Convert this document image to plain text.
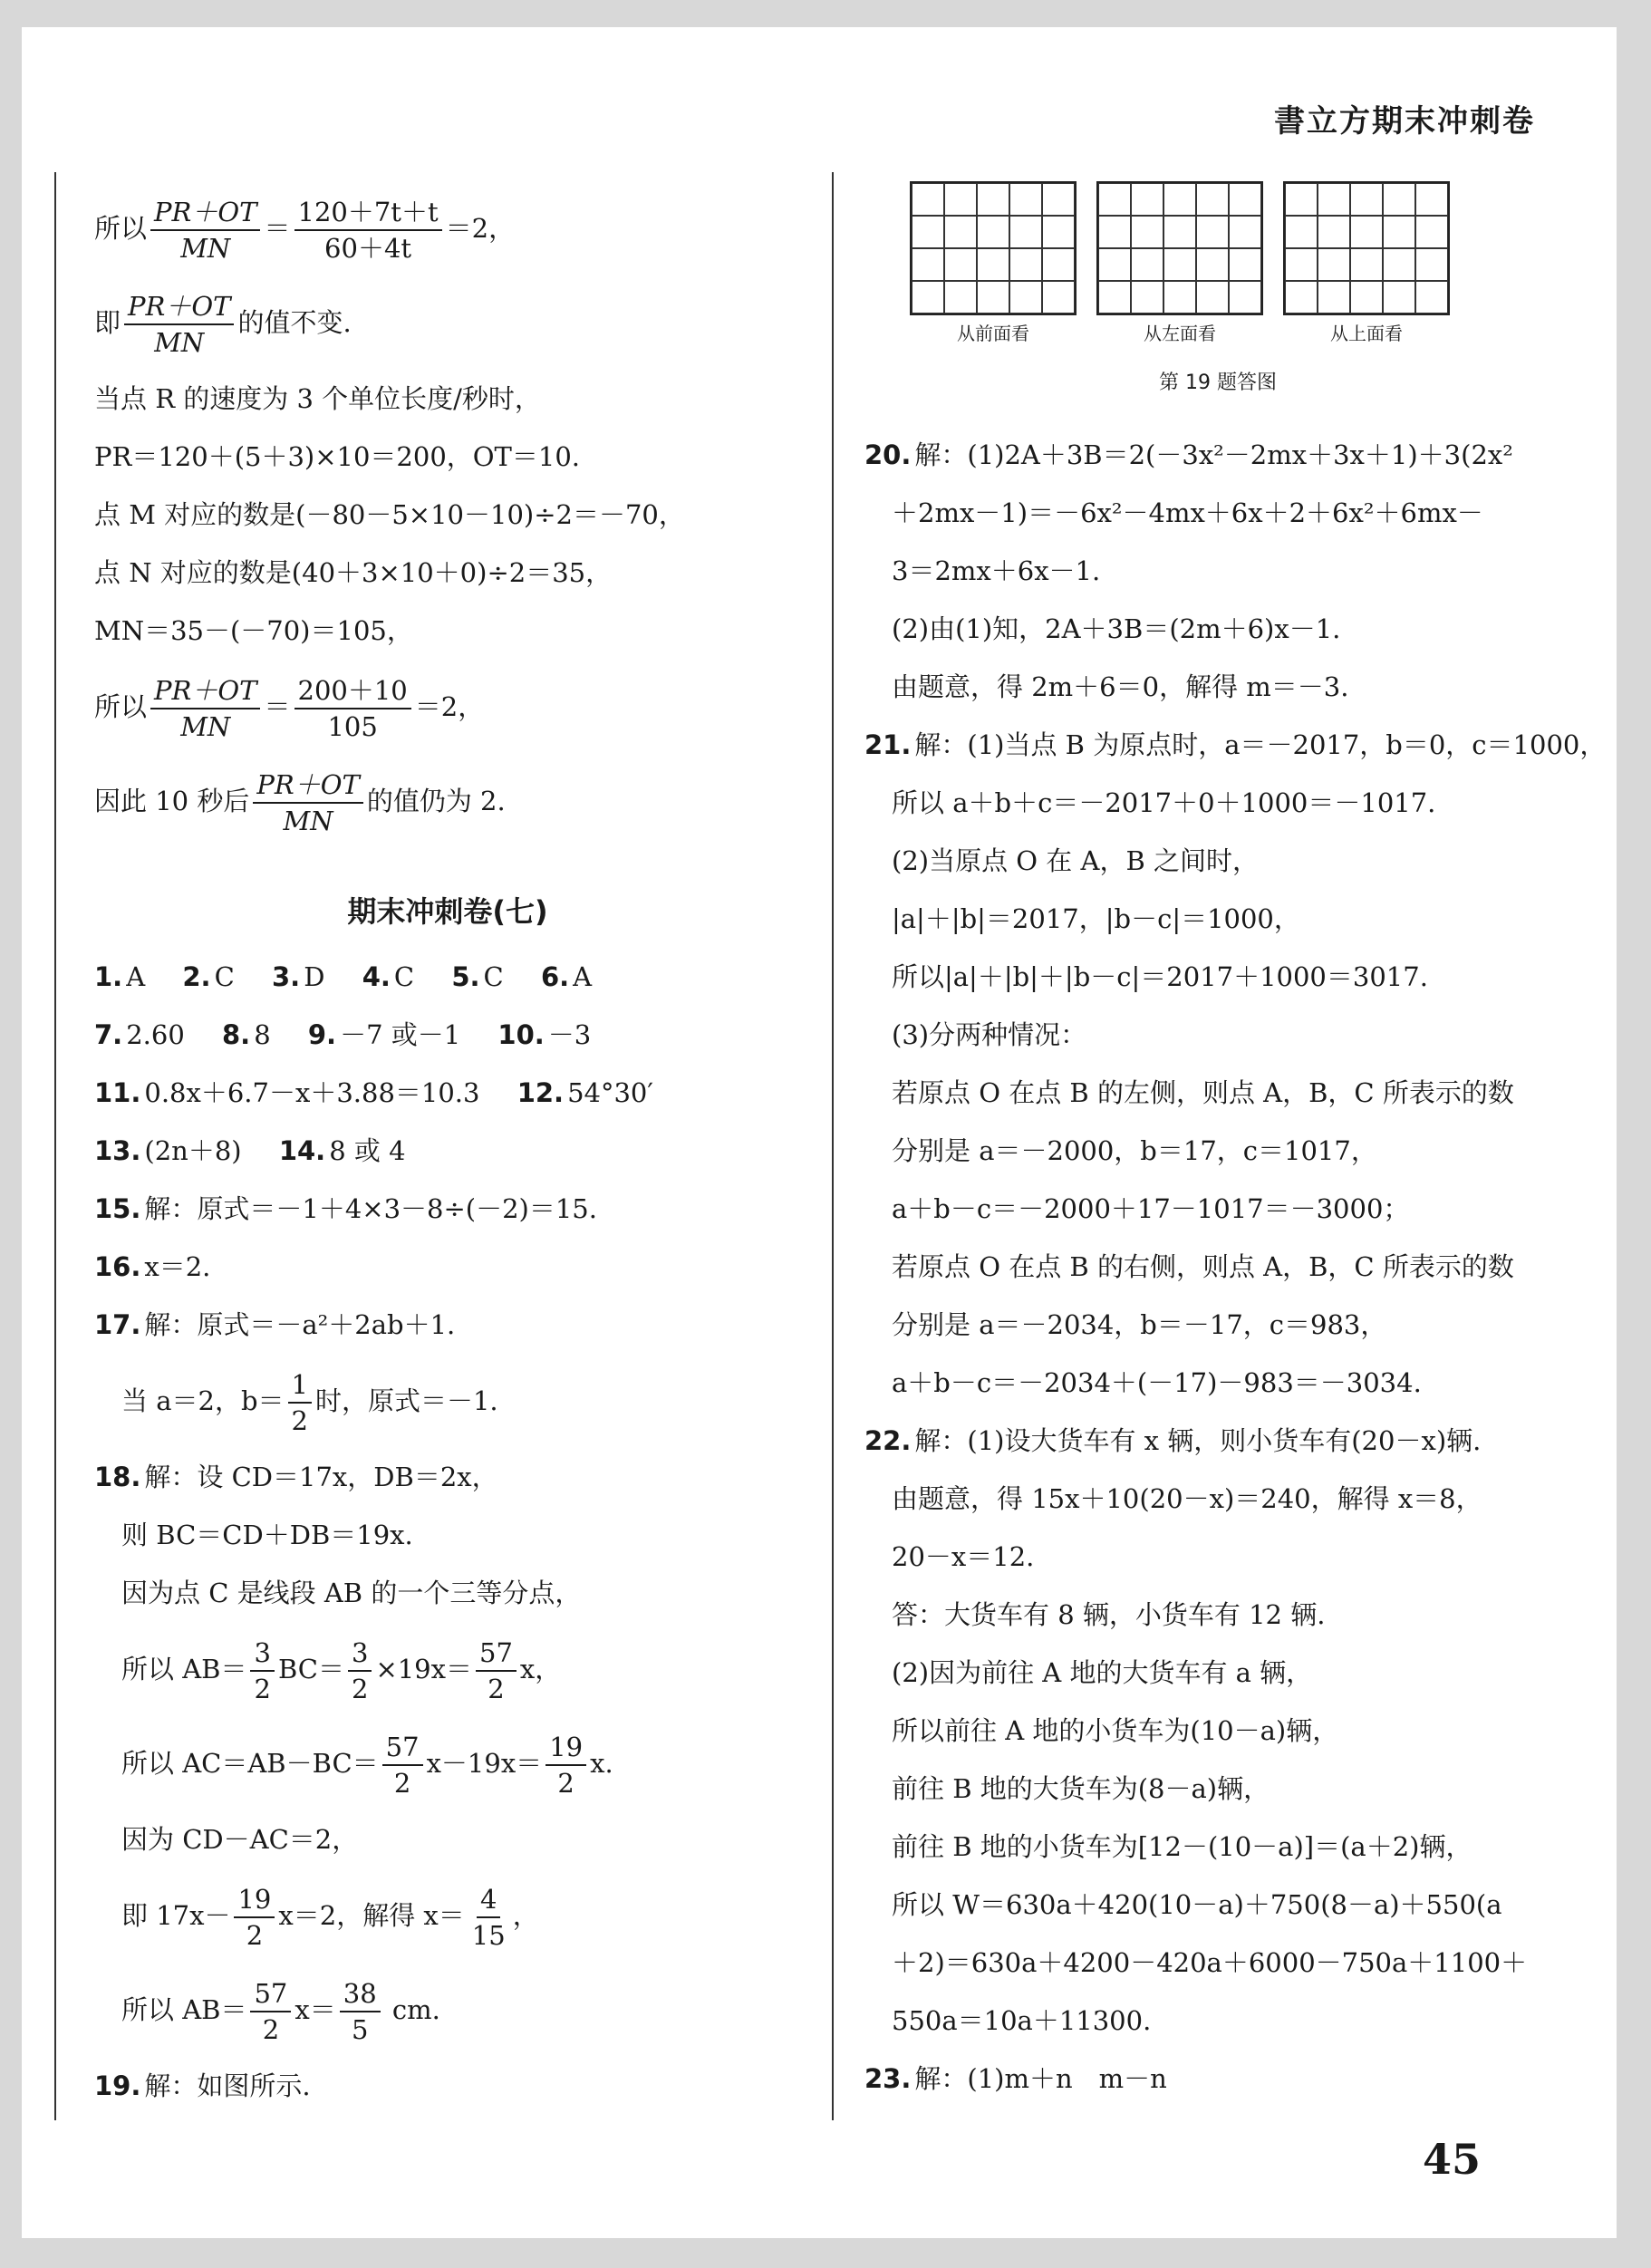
書立方期末冲刺卷
所以 $\frac{PR+OT}{MN} = \frac{120+7t+t}{60+4t} =2$，
即 $\frac{PR+OT}{MN}$ 的值不变.
当点 R 的速度为 3 个单位长度/秒时，
PR＝120＋(5＋3)×10＝200，OT＝10.
点 M 对应的数是(－80－5×10－10)÷2＝－70，
点 N 对应的数是(40＋3×10＋0)÷2＝35，
MN＝35－(－70)＝105，
所以 $\frac{PR+OT}{MN} = \frac{200+10}{105} =2$，
因此 10 秒后 $\frac{PR+OT}{MN}$ 的值仍为 2.
期末冲刺卷(七)
1. A 2. C 3. D 4. C 5. C 6. A
7. 2.60 8. 8 9. －7 或－1 10. －3
11. 0.8x＋6.7－x＋3.88＝10.3 12. 54°30′
13. (2n＋8) 14. 8 或 4
15. 解：原式＝－1＋4×3－8÷(－2)＝15.
16. x＝2.
17. 解：原式＝－a²＋2ab＋1.
当 a＝2，$b= \frac{1}{2}$ 时，原式＝－1.
18. 解：设 CD＝17x，DB＝2x，
则 BC＝CD＋DB＝19x.
因为点 C 是线段 AB 的一个三等分点，
所以 $AB= \frac{3}{2} BC= \frac{3}{2} \times 19x= \frac{57}{2}$ x，
所以 $AC=AB-BC= \frac{57}{2} x-19x= \frac{19}{2} x$.
因为 CD－AC＝2，
即 $17x- \frac{19}{2} x=2$，解得 $x= \frac{4}{15}$ ，
所以 $AB= \frac{57}{2} x= \frac{38}{5}$ cm.
19. 解：如图所示.
从前面看	从左面看	从上面看
第 19 题答图
20. 解：(1)2A＋3B＝2(－3x²－2mx＋3x＋1)＋3(2x²
＋2mx－1)＝－6x²－4mx＋6x＋2＋6x²＋6mx－
3＝2mx＋6x－1.
(2)由(1)知，2A＋3B＝(2m＋6)x－1.
由题意，得 2m＋6＝0，解得 m＝－3.
21. 解：(1)当点 B 为原点时，a＝－2017，b＝0，c＝1000，
所以 a＋b＋c＝－2017＋0＋1000＝－1017.
(2)当原点 O 在 A，B 之间时，
|a|＋|b|＝2017，|b－c|＝1000，
所以|a|＋|b|＋|b－c|＝2017＋1000＝3017.
(3)分两种情况：
若原点 O 在点 B 的左侧，则点 A，B，C 所表示的数
分别是 a＝－2000，b＝17，c＝1017，
a＋b－c＝－2000＋17－1017＝－3000；
若原点 O 在点 B 的右侧，则点 A，B，C 所表示的数
分别是 a＝－2034，b＝－17，c＝983，
a＋b－c＝－2034＋(－17)－983＝－3034.
22. 解：(1)设大货车有 x 辆，则小货车有(20－x)辆.
由题意，得 15x＋10(20－x)＝240，解得 x＝8，
20－x＝12.
答：大货车有 8 辆，小货车有 12 辆.
(2)因为前往 A 地的大货车有 a 辆，
所以前往 A 地的小货车为(10－a)辆，
前往 B 地的大货车为(8－a)辆，
前往 B 地的小货车为[12－(10－a)]＝(a＋2)辆，
所以 W＝630a＋420(10－a)＋750(8－a)＋550(a
＋2)＝630a＋4200－420a＋6000－750a＋1100＋
550a＝10a＋11300.
23. 解：(1)m＋n　m－n
45
